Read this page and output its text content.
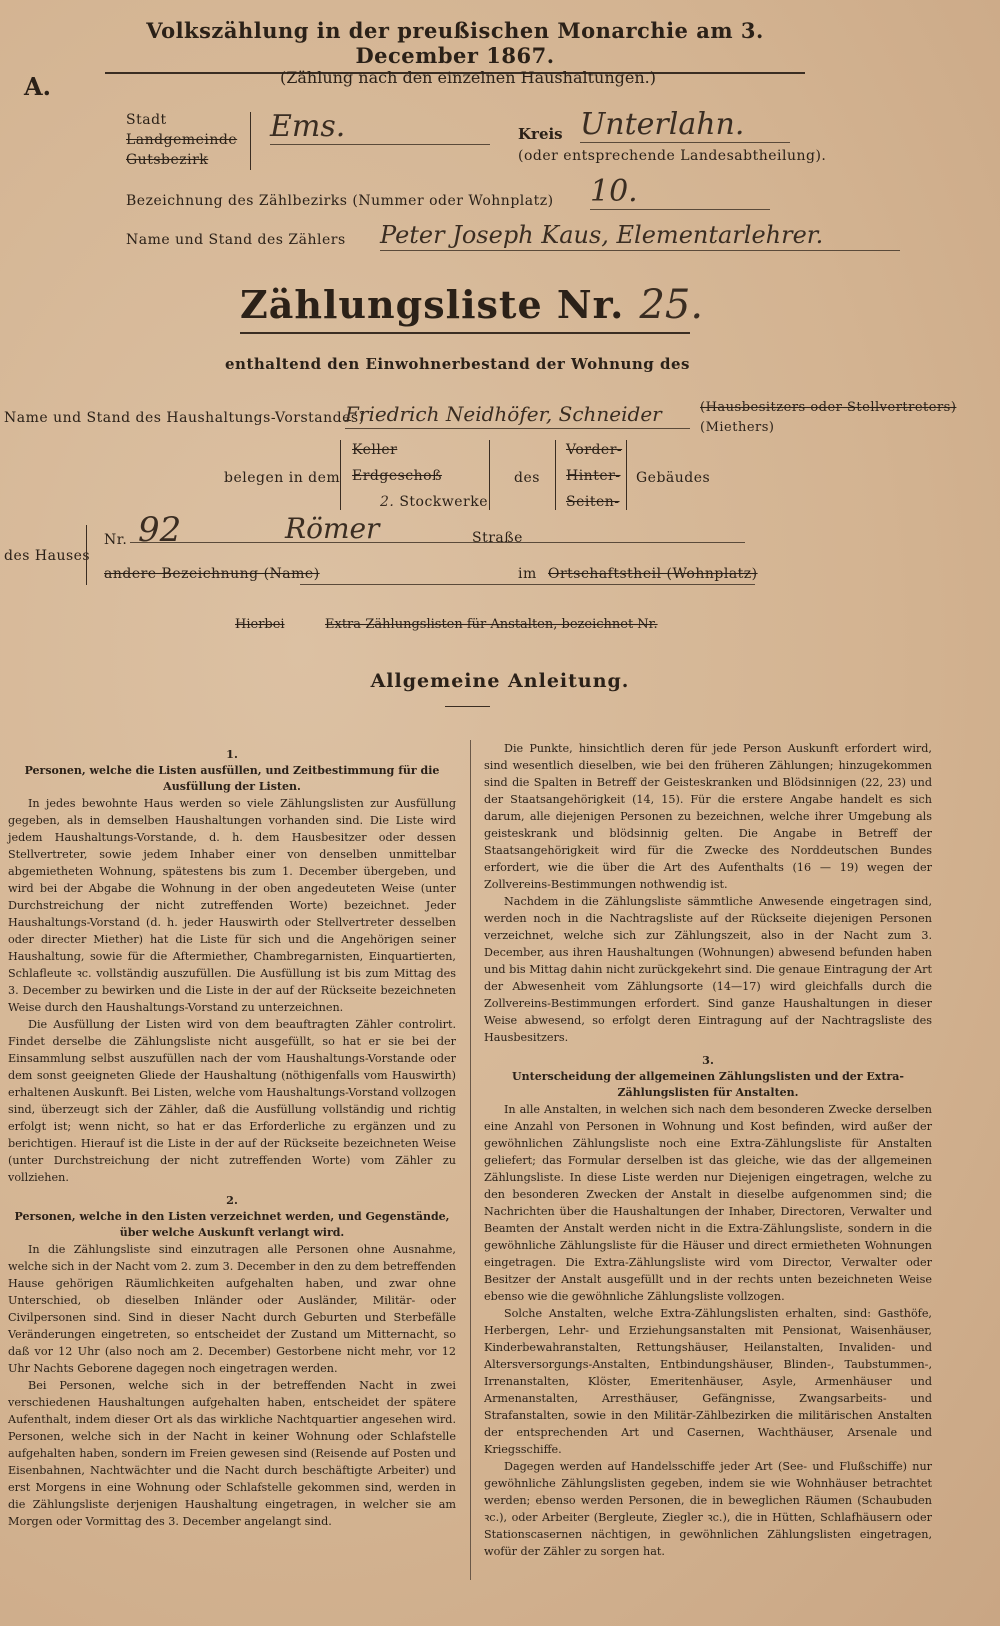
Volkszählung in der preußischen Monarchie am 3. December 1867.
A.	(Zählung nach den einzelnen Haushaltungen.)
Stadt
Landgemeinde
Gutsbezirk
Ems.	Kreis Unterlahn.
(oder entsprechende Landesabtheilung).
Bezeichnung des Zählbezirks (Nummer oder Wohnplatz) 10.
Name und Stand des Zählers Peter Joseph Kaus, Elementarlehrer.
Zählungsliste Nr. 25.
enthaltend den Einwohnerbestand der Wohnung des
Name und Stand des Haushaltungs-Vorstandes)
Friedrich Neidhöfer, Schneider	(Hausbesitzers oder Stellvertreters)
(Miethers)
belegen in dem
Keller
Erdgeschoß
2. Stockwerke
des
Vorder-
Hinter-
Seiten-
Gebäudes
des Hauses
Nr. 92	Römer	Straße
andere Bezeichnung (Name)	im Ortschaftstheil (Wohnplatz)
Hierbei	Extra-Zählungslisten für Anstalten, bezeichnet Nr.
Allgemeine Anleitung.

1.

Personen, welche die Listen ausfüllen, und Zeitbestimmung für die Ausfüllung der Listen.

In jedes bewohnte Haus werden so viele Zählungslisten zur Ausfüllung gegeben, als in demselben Haushaltungen vorhanden sind. Die Liste wird jedem Haushaltungs-Vorstande, d. h. dem Hausbesitzer oder dessen Stellvertreter, sowie jedem Inhaber einer von denselben unmittelbar abgemietheten Wohnung, spätestens bis zum 1. December übergeben, und wird bei der Abgabe die Wohnung in der oben angedeuteten Weise (unter Durchstreichung der nicht zutreffenden Worte) bezeichnet. Jeder Haushaltungs-Vorstand (d. h. jeder Hauswirth oder Stellvertreter desselben oder directer Miether) hat die Liste für sich und die Angehörigen seiner Haushaltung, sowie für die Aftermiether, Chambregarnisten, Einquartierten, Schlafleute ꝛc. vollständig auszufüllen. Die Ausfüllung ist bis zum Mittag des 3. December zu bewirken und die Liste in der auf der Rückseite bezeichneten Weise durch den Haushaltungs-Vorstand zu unterzeichnen.

Die Ausfüllung der Listen wird von dem beauftragten Zähler controlirt. Findet derselbe die Zählungsliste nicht ausgefüllt, so hat er sie bei der Einsammlung selbst auszufüllen nach der vom Haushaltungs-Vorstande oder dem sonst geeigneten Gliede der Haushaltung (nöthigenfalls vom Hauswirth) erhaltenen Auskunft. Bei Listen, welche vom Haushaltungs-Vorstand vollzogen sind, überzeugt sich der Zähler, daß die Ausfüllung vollständig und richtig erfolgt ist; wenn nicht, so hat er das Erforderliche zu ergänzen und zu berichtigen. Hierauf ist die Liste in der auf der Rückseite bezeichneten Weise (unter Durchstreichung der nicht zutreffenden Worte) vom Zähler zu vollziehen.

2.

Personen, welche in den Listen verzeichnet werden, und Gegenstände, über welche Auskunft verlangt wird.

In die Zählungsliste sind einzutragen alle Personen ohne Ausnahme, welche sich in der Nacht vom 2. zum 3. December in den zu dem betreffenden Hause gehörigen Räumlichkeiten aufgehalten haben, und zwar ohne Unterschied, ob dieselben Inländer oder Ausländer, Militär- oder Civilpersonen sind. Sind in dieser Nacht durch Geburten und Sterbefälle Veränderungen eingetreten, so entscheidet der Zustand um Mitternacht, so daß vor 12 Uhr (also noch am 2. December) Gestorbene nicht mehr, vor 12 Uhr Nachts Geborene dagegen noch eingetragen werden.

Bei Personen, welche sich in der betreffenden Nacht in zwei verschiedenen Haushaltungen aufgehalten haben, entscheidet der spätere Aufenthalt, indem dieser Ort als das wirkliche Nachtquartier angesehen wird. Personen, welche sich in der Nacht in keiner Wohnung oder Schlafstelle aufgehalten haben, sondern im Freien gewesen sind (Reisende auf Posten und Eisenbahnen, Nachtwächter und die Nacht durch beschäftigte Arbeiter) und erst Morgens in eine Wohnung oder Schlafstelle gekommen sind, werden in die Zählungsliste derjenigen Haushaltung eingetragen, in welcher sie am Morgen oder Vormittag des 3. December angelangt sind.

Die Punkte, hinsichtlich deren für jede Person Auskunft erfordert wird, sind wesentlich dieselben, wie bei den früheren Zählungen; hinzugekommen sind die Spalten in Betreff der Geisteskranken und Blödsinnigen (22, 23) und der Staatsangehörigkeit (14, 15). Für die erstere Angabe handelt es sich darum, alle diejenigen Personen zu bezeichnen, welche ihrer Umgebung als geisteskrank und blödsinnig gelten. Die Angabe in Betreff der Staatsangehörigkeit wird für die Zwecke des Norddeutschen Bundes erfordert, wie die über die Art des Aufenthalts (16 — 19) wegen der Zollvereins-Bestimmungen nothwendig ist.

Nachdem in die Zählungsliste sämmtliche Anwesende eingetragen sind, werden noch in die Nachtragsliste auf der Rückseite diejenigen Personen verzeichnet, welche sich zur Zählungszeit, also in der Nacht zum 3. December, aus ihren Haushaltungen (Wohnungen) abwesend befunden haben und bis Mittag dahin nicht zurückgekehrt sind. Die genaue Eintragung der Art der Abwesenheit vom Zählungsorte (14—17) wird gleichfalls durch die Zollvereins-Bestimmungen erfordert. Sind ganze Haushaltungen in dieser Weise abwesend, so erfolgt deren Eintragung auf der Nachtragsliste des Hausbesitzers.

3.

Unterscheidung der allgemeinen Zählungslisten und der Extra-Zählungslisten für Anstalten.

In alle Anstalten, in welchen sich nach dem besonderen Zwecke derselben eine Anzahl von Personen in Wohnung und Kost befinden, wird außer der gewöhnlichen Zählungsliste noch eine Extra-Zählungsliste für Anstalten geliefert; das Formular derselben ist das gleiche, wie das der allgemeinen Zählungsliste. In diese Liste werden nur Diejenigen eingetragen, welche zu den besonderen Zwecken der Anstalt in dieselbe aufgenommen sind; die Nachrichten über die Haushaltungen der Inhaber, Directoren, Verwalter und Beamten der Anstalt werden nicht in die Extra-Zählungsliste, sondern in die gewöhnliche Zählungsliste für die Häuser und direct ermietheten Wohnungen eingetragen. Die Extra-Zählungsliste wird vom Director, Verwalter oder Besitzer der Anstalt ausgefüllt und in der rechts unten bezeichneten Weise ebenso wie die gewöhnliche Zählungsliste vollzogen.

Solche Anstalten, welche Extra-Zählungslisten erhalten, sind: Gasthöfe, Herbergen, Lehr- und Erziehungsanstalten mit Pensionat, Waisenhäuser, Kinderbewahranstalten, Rettungshäuser, Heilanstalten, Invaliden- und Altersversorgungs-Anstalten, Entbindungshäuser, Blinden-, Taubstummen-, Irrenanstalten, Klöster, Emeritenhäuser, Asyle, Armenhäuser und Armenanstalten, Arresthäuser, Gefängnisse, Zwangsarbeits- und Strafanstalten, sowie in den Militär-Zählbezirken die militärischen Anstalten der entsprechenden Art und Casernen, Wachthäuser, Arsenale und Kriegsschiffe.

Dagegen werden auf Handelsschiffe jeder Art (See- und Flußschiffe) nur gewöhnliche Zählungslisten gegeben, indem sie wie Wohnhäuser betrachtet werden; ebenso werden Personen, die in beweglichen Räumen (Schaubuden ꝛc.), oder Arbeiter (Bergleute, Ziegler ꝛc.), die in Hütten, Schlafhäusern oder Stationscasernen nächtigen, in gewöhnlichen Zählungslisten eingetragen, wofür der Zähler zu sorgen hat.
